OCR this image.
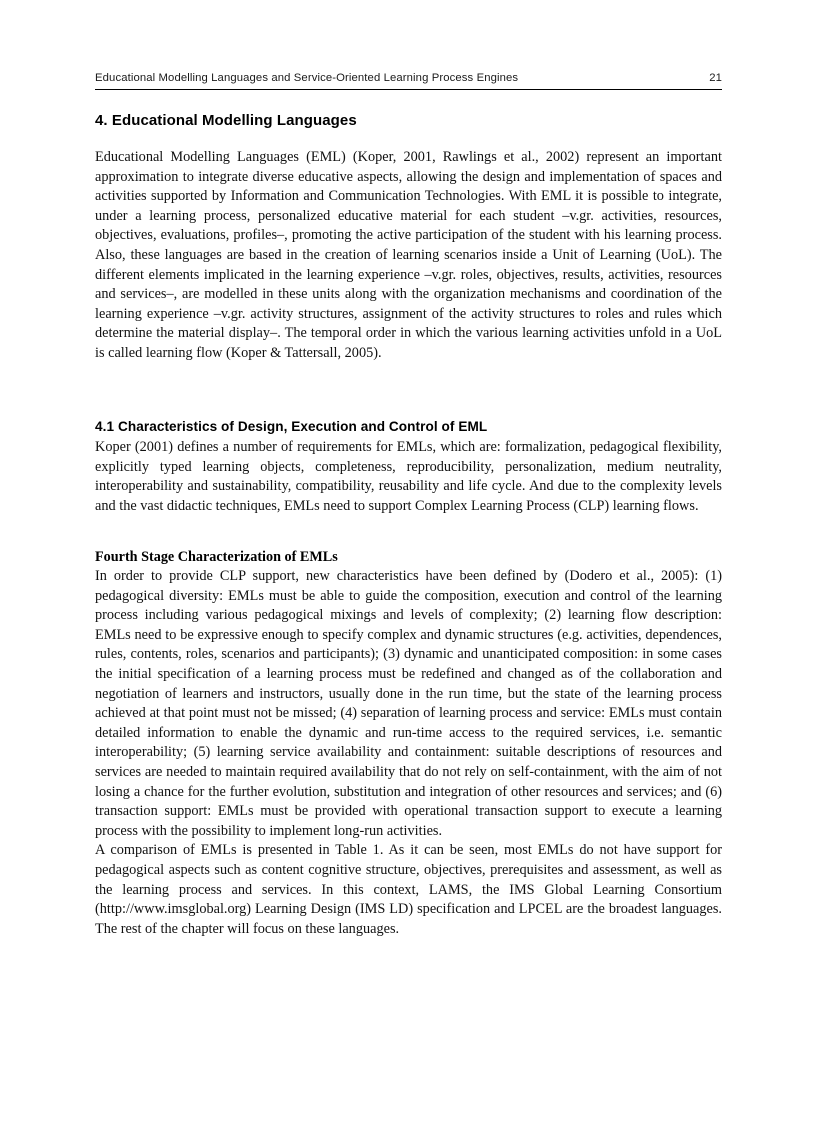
Educational Modelling Languages and Service-Oriented Learning Process Engines	21
4. Educational Modelling Languages

Educational Modelling Languages (EML) (Koper, 2001, Rawlings et al., 2002) represent an important approximation to integrate diverse educative aspects, allowing the design and implementation of spaces and activities supported by Information and Communication Technologies. With EML it is possible to integrate, under a learning process, personalized educative material for each student –v.gr. activities, resources, objectives, evaluations, profiles–, promoting the active participation of the student with his learning process. Also, these languages are based in the creation of learning scenarios inside a Unit of Learning (UoL). The different elements implicated in the learning experience –v.gr. roles, objectives, results, activities, resources and services–, are modelled in these units along with the organization mechanisms and coordination of the learning experience –v.gr. activity structures, assignment of the activity structures to roles and rules which determine the material display–. The temporal order in which the various learning activities unfold in a UoL is called learning flow (Koper & Tattersall, 2005).

4.1 Characteristics of Design, Execution and Control of EML

Koper (2001) defines a number of requirements for EMLs, which are: formalization, pedagogical flexibility, explicitly typed learning objects, completeness, reproducibility, personalization, medium neutrality, interoperability and sustainability, compatibility, reusability and life cycle. And due to the complexity levels and the vast didactic techniques, EMLs need to support Complex Learning Process (CLP) learning flows.

Fourth Stage Characterization of EMLs

In order to provide CLP support, new characteristics have been defined by (Dodero et al., 2005): (1) pedagogical diversity: EMLs must be able to guide the composition, execution and control of the learning process including various pedagogical mixings and levels of complexity; (2) learning flow description: EMLs need to be expressive enough to specify complex and dynamic structures (e.g. activities, dependences, rules, contents, roles, scenarios and participants); (3) dynamic and unanticipated composition: in some cases the initial specification of a learning process must be redefined and changed as of the collaboration and negotiation of learners and instructors, usually done in the run time, but the state of the learning process achieved at that point must not be missed; (4) separation of learning process and service: EMLs must contain detailed information to enable the dynamic and run-time access to the required services, i.e. semantic interoperability; (5) learning service availability and containment: suitable descriptions of resources and services are needed to maintain required availability that do not rely on self-containment, with the aim of not losing a chance for the further evolution, substitution and integration of other resources and services; and (6) transaction support: EMLs must be provided with operational transaction support to execute a learning process with the possibility to implement long-run activities.

A comparison of EMLs is presented in Table 1. As it can be seen, most EMLs do not have support for pedagogical aspects such as content cognitive structure, objectives, prerequisites and assessment, as well as the learning process and services. In this context, LAMS, the IMS Global Learning Consortium (http://www.imsglobal.org) Learning Design (IMS LD) specification and LPCEL are the broadest languages. The rest of the chapter will focus on these languages.
